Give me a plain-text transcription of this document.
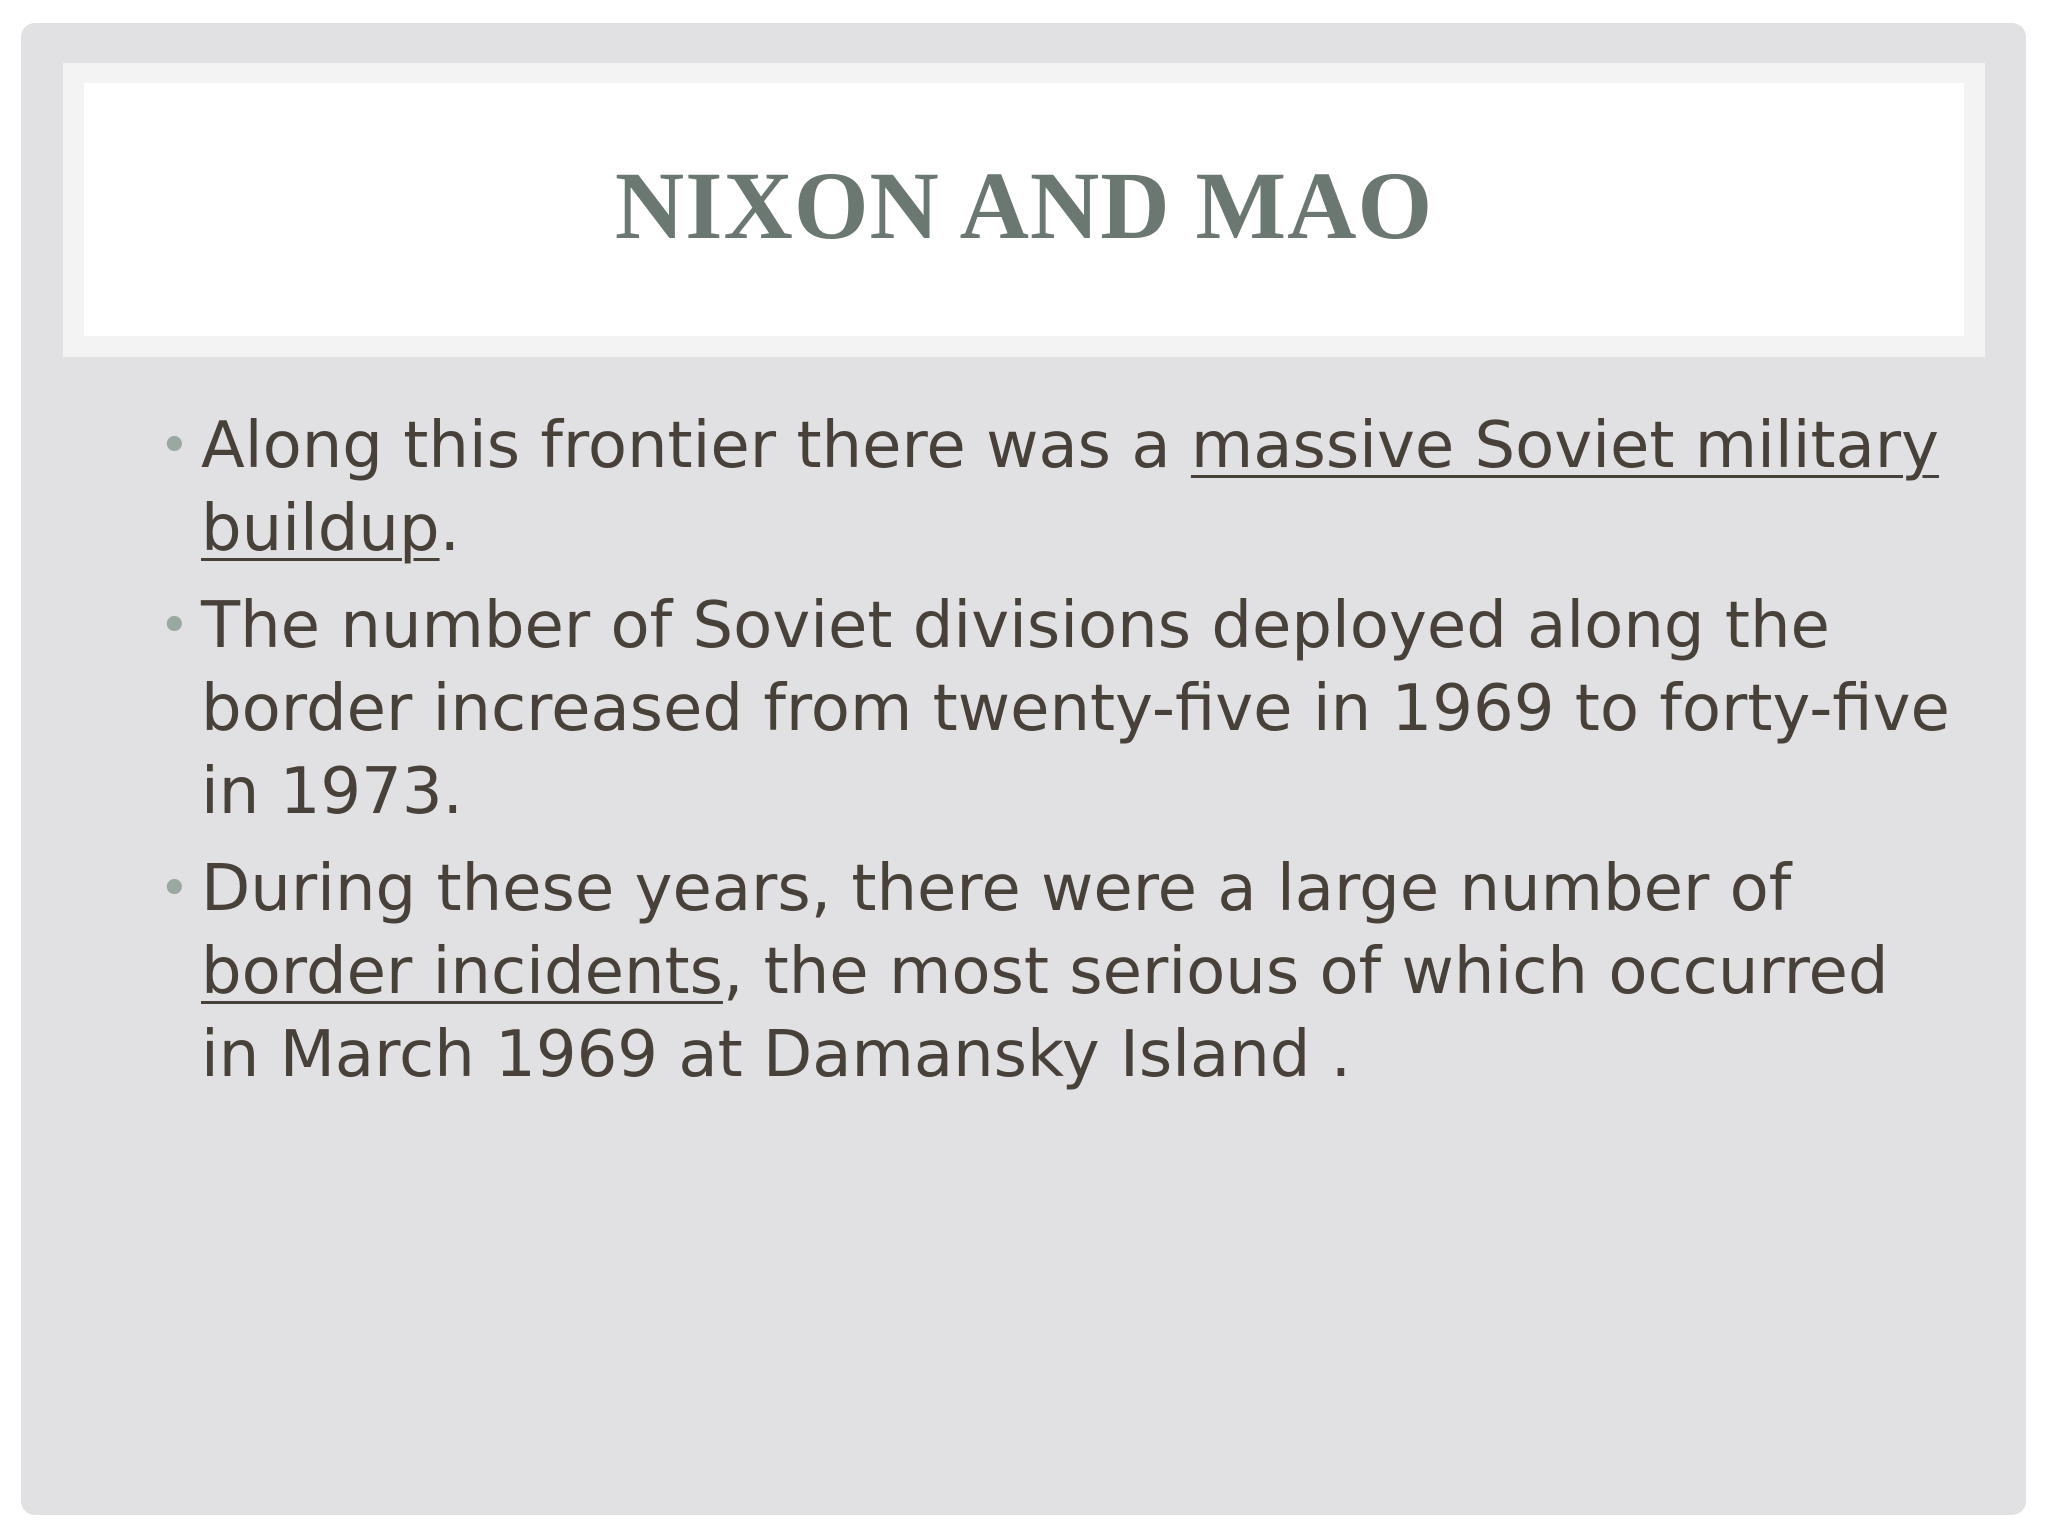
NIXON AND MAO
• Along this frontier there was a massive Soviet military buildup.
• The number of Soviet divisions deployed along the border increased from twenty-five in 1969 to forty-five in 1973.
• During these years, there were a large number of border incidents, the most serious of which occurred in March 1969 at Damansky Island .
